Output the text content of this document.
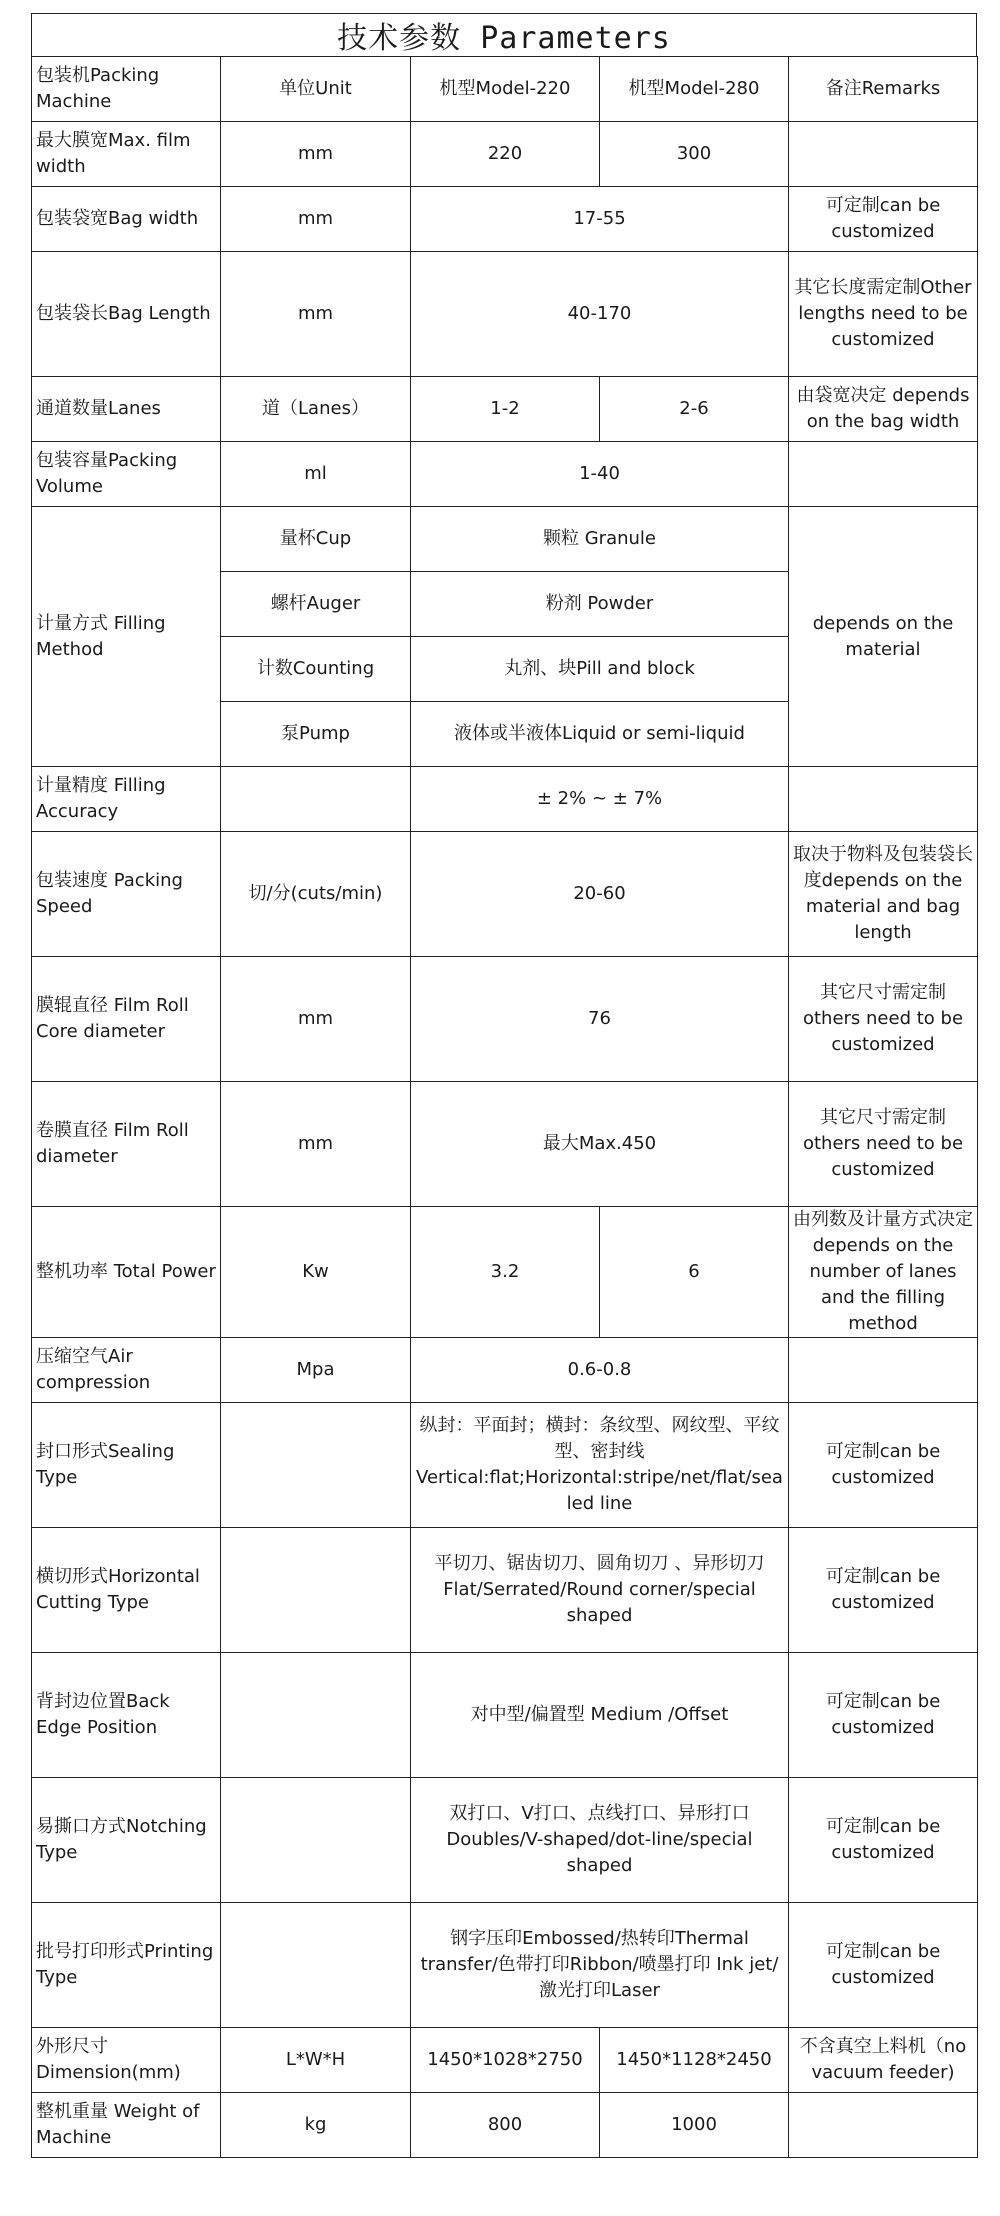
技术参数 Parameters
包装机Packing Machine	单位Unit	机型Model-220	机型Model-280	备注Remarks
最大膜宽Max. film width	mm	220	300	
包装袋宽Bag width	mm	17-55		可定制can be customized
包装袋长Bag Length	mm	40-170		其它长度需定制Other lengths need to be customized
通道数量Lanes	道（Lanes）	1-2	2-6	由袋宽决定 depends on the bag width
包装容量Packing Volume	ml	1-40		
计量方式 Filling Method	量杯Cup	颗粒 Granule		depends on the material
	螺杆Auger	粉剂 Powder		
	计数Counting	丸剂、块Pill and block		
	泵Pump	液体或半液体Liquid or semi-liquid		
计量精度 Filling Accuracy		± 2% ~ ± 7%		
包装速度 Packing Speed	切/分(cuts/min)	20-60		取决于物料及包装袋长度depends on the material and bag length
膜辊直径 Film Roll Core diameter	mm	76		其它尺寸需定制 others need to be customized
卷膜直径 Film Roll diameter	mm	最大Max.450		其它尺寸需定制 others need to be customized
整机功率 Total Power	Kw	3.2	6	由列数及计量方式决定depends on the number of lanes and the filling method
压缩空气Air compression	Mpa	0.6-0.8		
封口形式Sealing Type		纵封：平面封；横封：条纹型、网纹型、平纹型、密封线 Vertical:flat;Horizontal:stripe/net/flat/sealed line		可定制can be customized
横切形式Horizontal Cutting Type		平切刀、锯齿切刀、圆角切刀 、异形切刀 Flat/Serrated/Round corner/special shaped		可定制can be customized
背封边位置Back Edge Position		对中型/偏置型 Medium /Offset		可定制can be customized
易撕口方式Notching Type		双打口、V打口、点线打口、异形打口 Doubles/V-shaped/dot-line/special shaped		可定制can be customized
批号打印形式Printing Type		钢字压印Embossed/热转印Thermal transfer/色带打印Ribbon/喷墨打印 Ink jet/激光打印Laser		可定制can be customized
外形尺寸 Dimension(mm)	L*W*H	1450*1028*2750	1450*1128*2450	不含真空上料机（no vacuum feeder)
整机重量 Weight of Machine	kg	800	1000	
